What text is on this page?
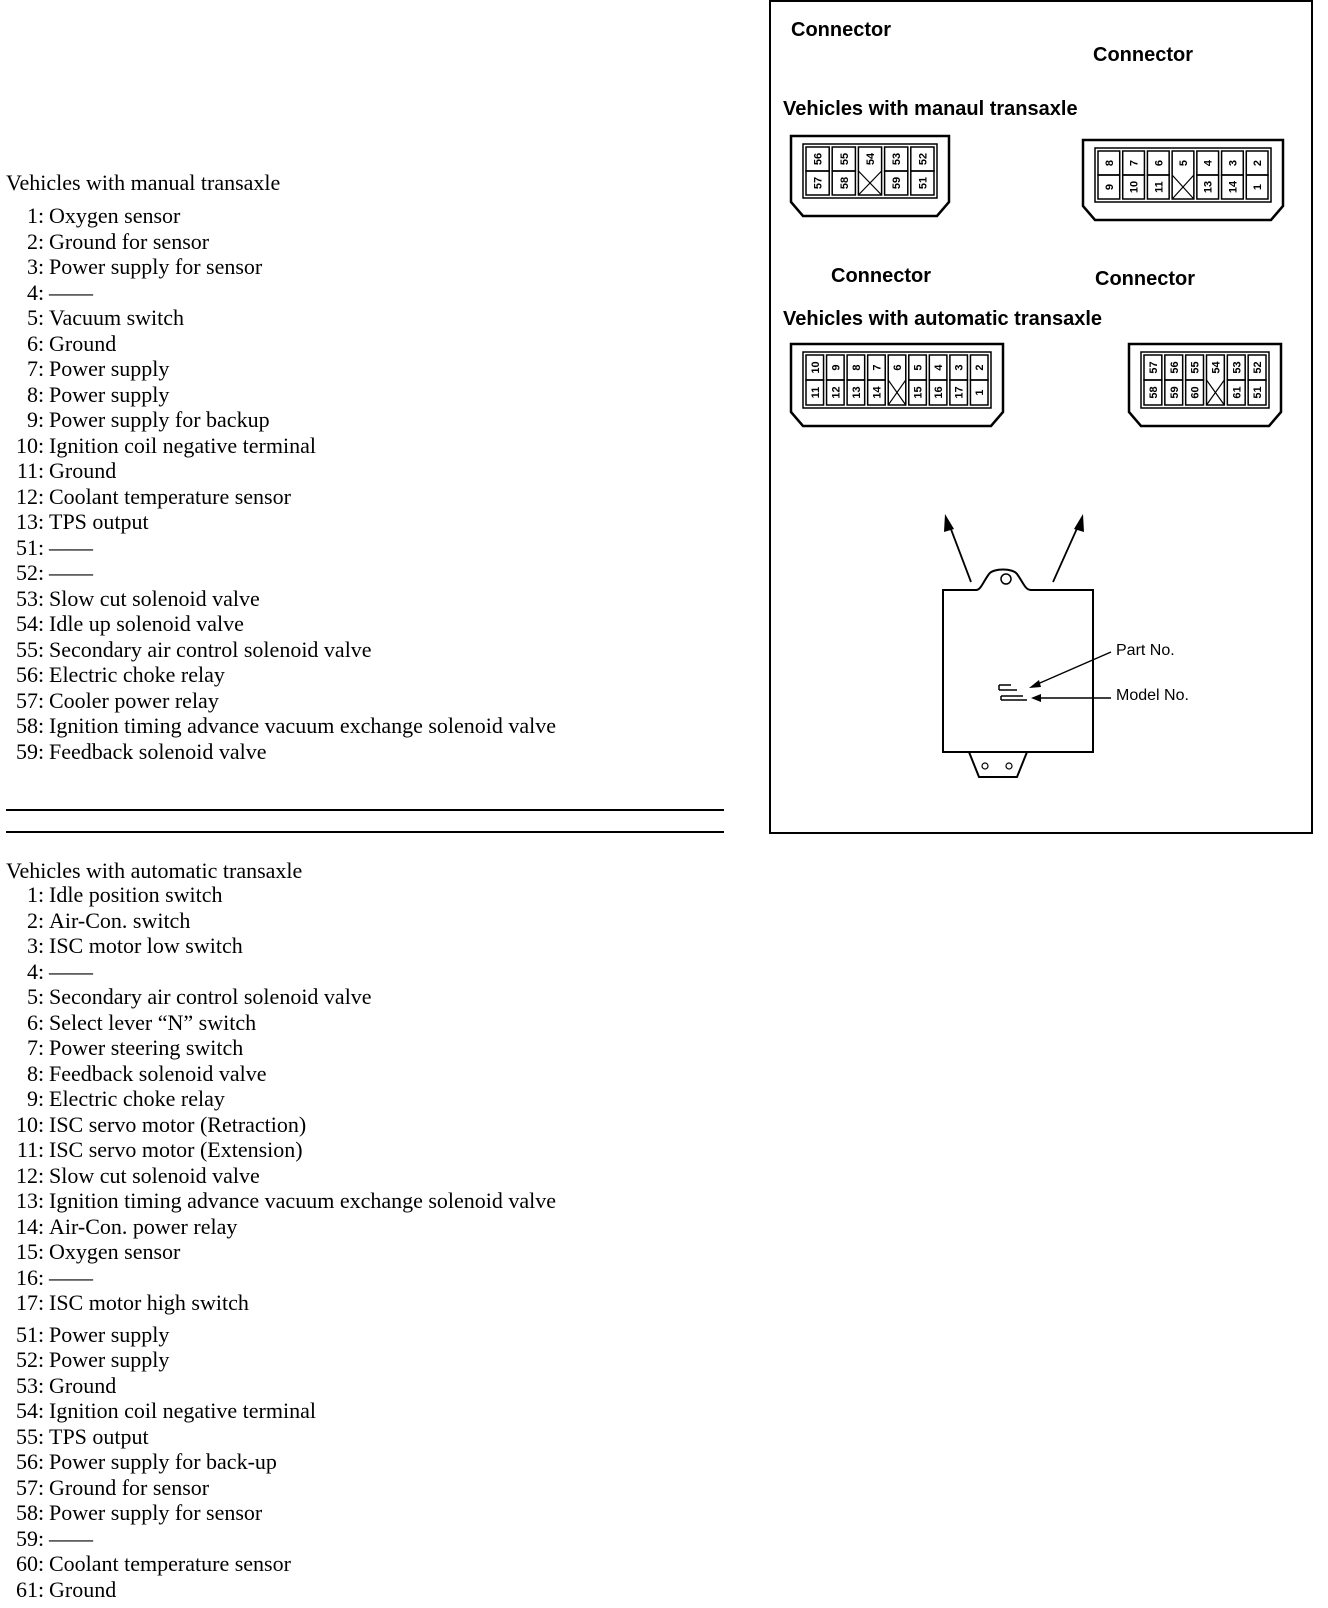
Vehicles with manual transaxle
1: Oxygen sensor
2: Ground for sensor
3: Power supply for sensor
4: ——
5: Vacuum switch
6: Ground
7: Power supply
8: Power supply
9: Power supply for backup
10: Ignition coil negative terminal
11: Ground
12: Coolant temperature sensor
13: TPS output
51: ——
52: ——
53: Slow cut solenoid valve
54: Idle up solenoid valve
55: Secondary air control solenoid valve
56: Electric choke relay
57: Cooler power relay
58: Ignition timing advance vacuum exchange solenoid valve
59: Feedback solenoid valve
Vehicles with automatic transaxle
1: Idle position switch
2: Air-Con. switch
3: ISC motor low switch
4: ——
5: Secondary air control solenoid valve
6: Select lever “N” switch
7: Power steering switch
8: Feedback solenoid valve
9: Electric choke relay
10: ISC servo motor (Retraction)
11: ISC servo motor (Extension)
12: Slow cut solenoid valve
13: Ignition timing advance vacuum exchange solenoid valve
14: Air-Con. power relay
15: Oxygen sensor
16: ——
17: ISC motor high switch
51: Power supply
52: Power supply
53: Ground
54: Ignition coil negative terminal
55: TPS output
56: Power supply for back-up
57: Ground for sensor
58: Power supply for sensor
59: ——
60: Coolant temperature sensor
61: Ground
56
57
55
58
54 53
59
52
51
8
9
7
10
6
11
5 4
13
3
14
2
1
10
11
9
12
8
13
7
14
6 5
15
4
16
3
17
2
1
57
58
56
59
55
60
54 53
61
52
51
Connector
Connector
Vehicles with manaul transaxle
Connector	Connector
Vehicles with automatic transaxle
Part No.
Model No.
